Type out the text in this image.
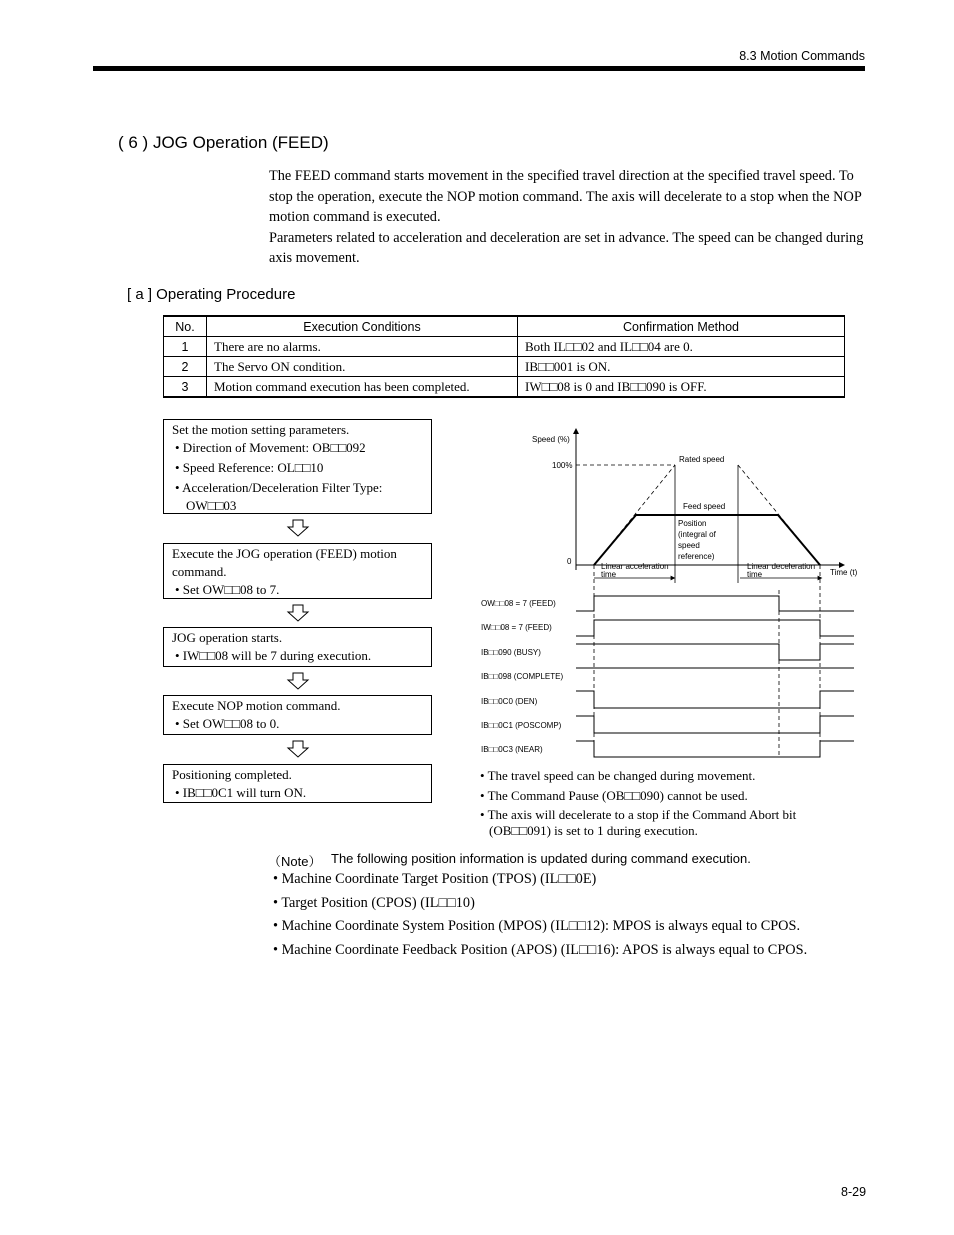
8.3 Motion Commands
( 6 ) JOG Operation (FEED)

The FEED command starts movement in the specified travel direction at the specified travel speed. To stop the operation, execute the NOP motion command. The axis will decelerate to a stop when the NOP motion command is executed.

Parameters related to acceleration and deceleration are set in advance. The speed can be changed during axis movement.

[ a ] Operating Procedure
No.	Execution Conditions	Confirmation Method
1	There are no alarms.	Both IL□□02 and IL□□04 are 0.
2	The Servo ON condition.	IB□□001 is ON.
3	Motion command execution has been completed.	IW□□08 is 0 and IB□□090 is OFF.
Set the motion setting parameters.
• Direction of Movement: OB□□092
• Speed Reference: OL□□10
• Acceleration/Deceleration Filter Type: OW□□03
Execute the JOG operation (FEED) motion command.
• Set OW□□08 to 7.
JOG operation starts.
• IW□□08 will be 7 during execution.
Execute NOP motion command.
• Set OW□□08 to 0.
Positioning completed.
• IB□□0C1 will turn ON.
Speed (%)
100%
0
Time (t)
Rated speed
Feed speed
Position
(integral of
speed
reference)
Linear acceleration
time
Linear deceleration
time
OW□□08 = 7 (FEED)
IW□□08 = 7 (FEED)
IB□□090 (BUSY)
IB□□098 (COMPLETE)
IB□□0C0 (DEN)
IB□□0C1 (POSCOMP)
IB□□0C3 (NEAR)
• The travel speed can be changed during movement.
• The Command Pause (OB□□090) cannot be used.
• The axis will decelerate to a stop if the Command Abort bit (OB□□091) is set to 1 during execution.
（Note） The following position information is updated during command execution.
• Machine Coordinate Target Position (TPOS) (IL□□0E)
• Target Position (CPOS) (IL□□10)
• Machine Coordinate System Position (MPOS) (IL□□12): MPOS is always equal to CPOS.
• Machine Coordinate Feedback Position (APOS) (IL□□16): APOS is always equal to CPOS.
8-29
